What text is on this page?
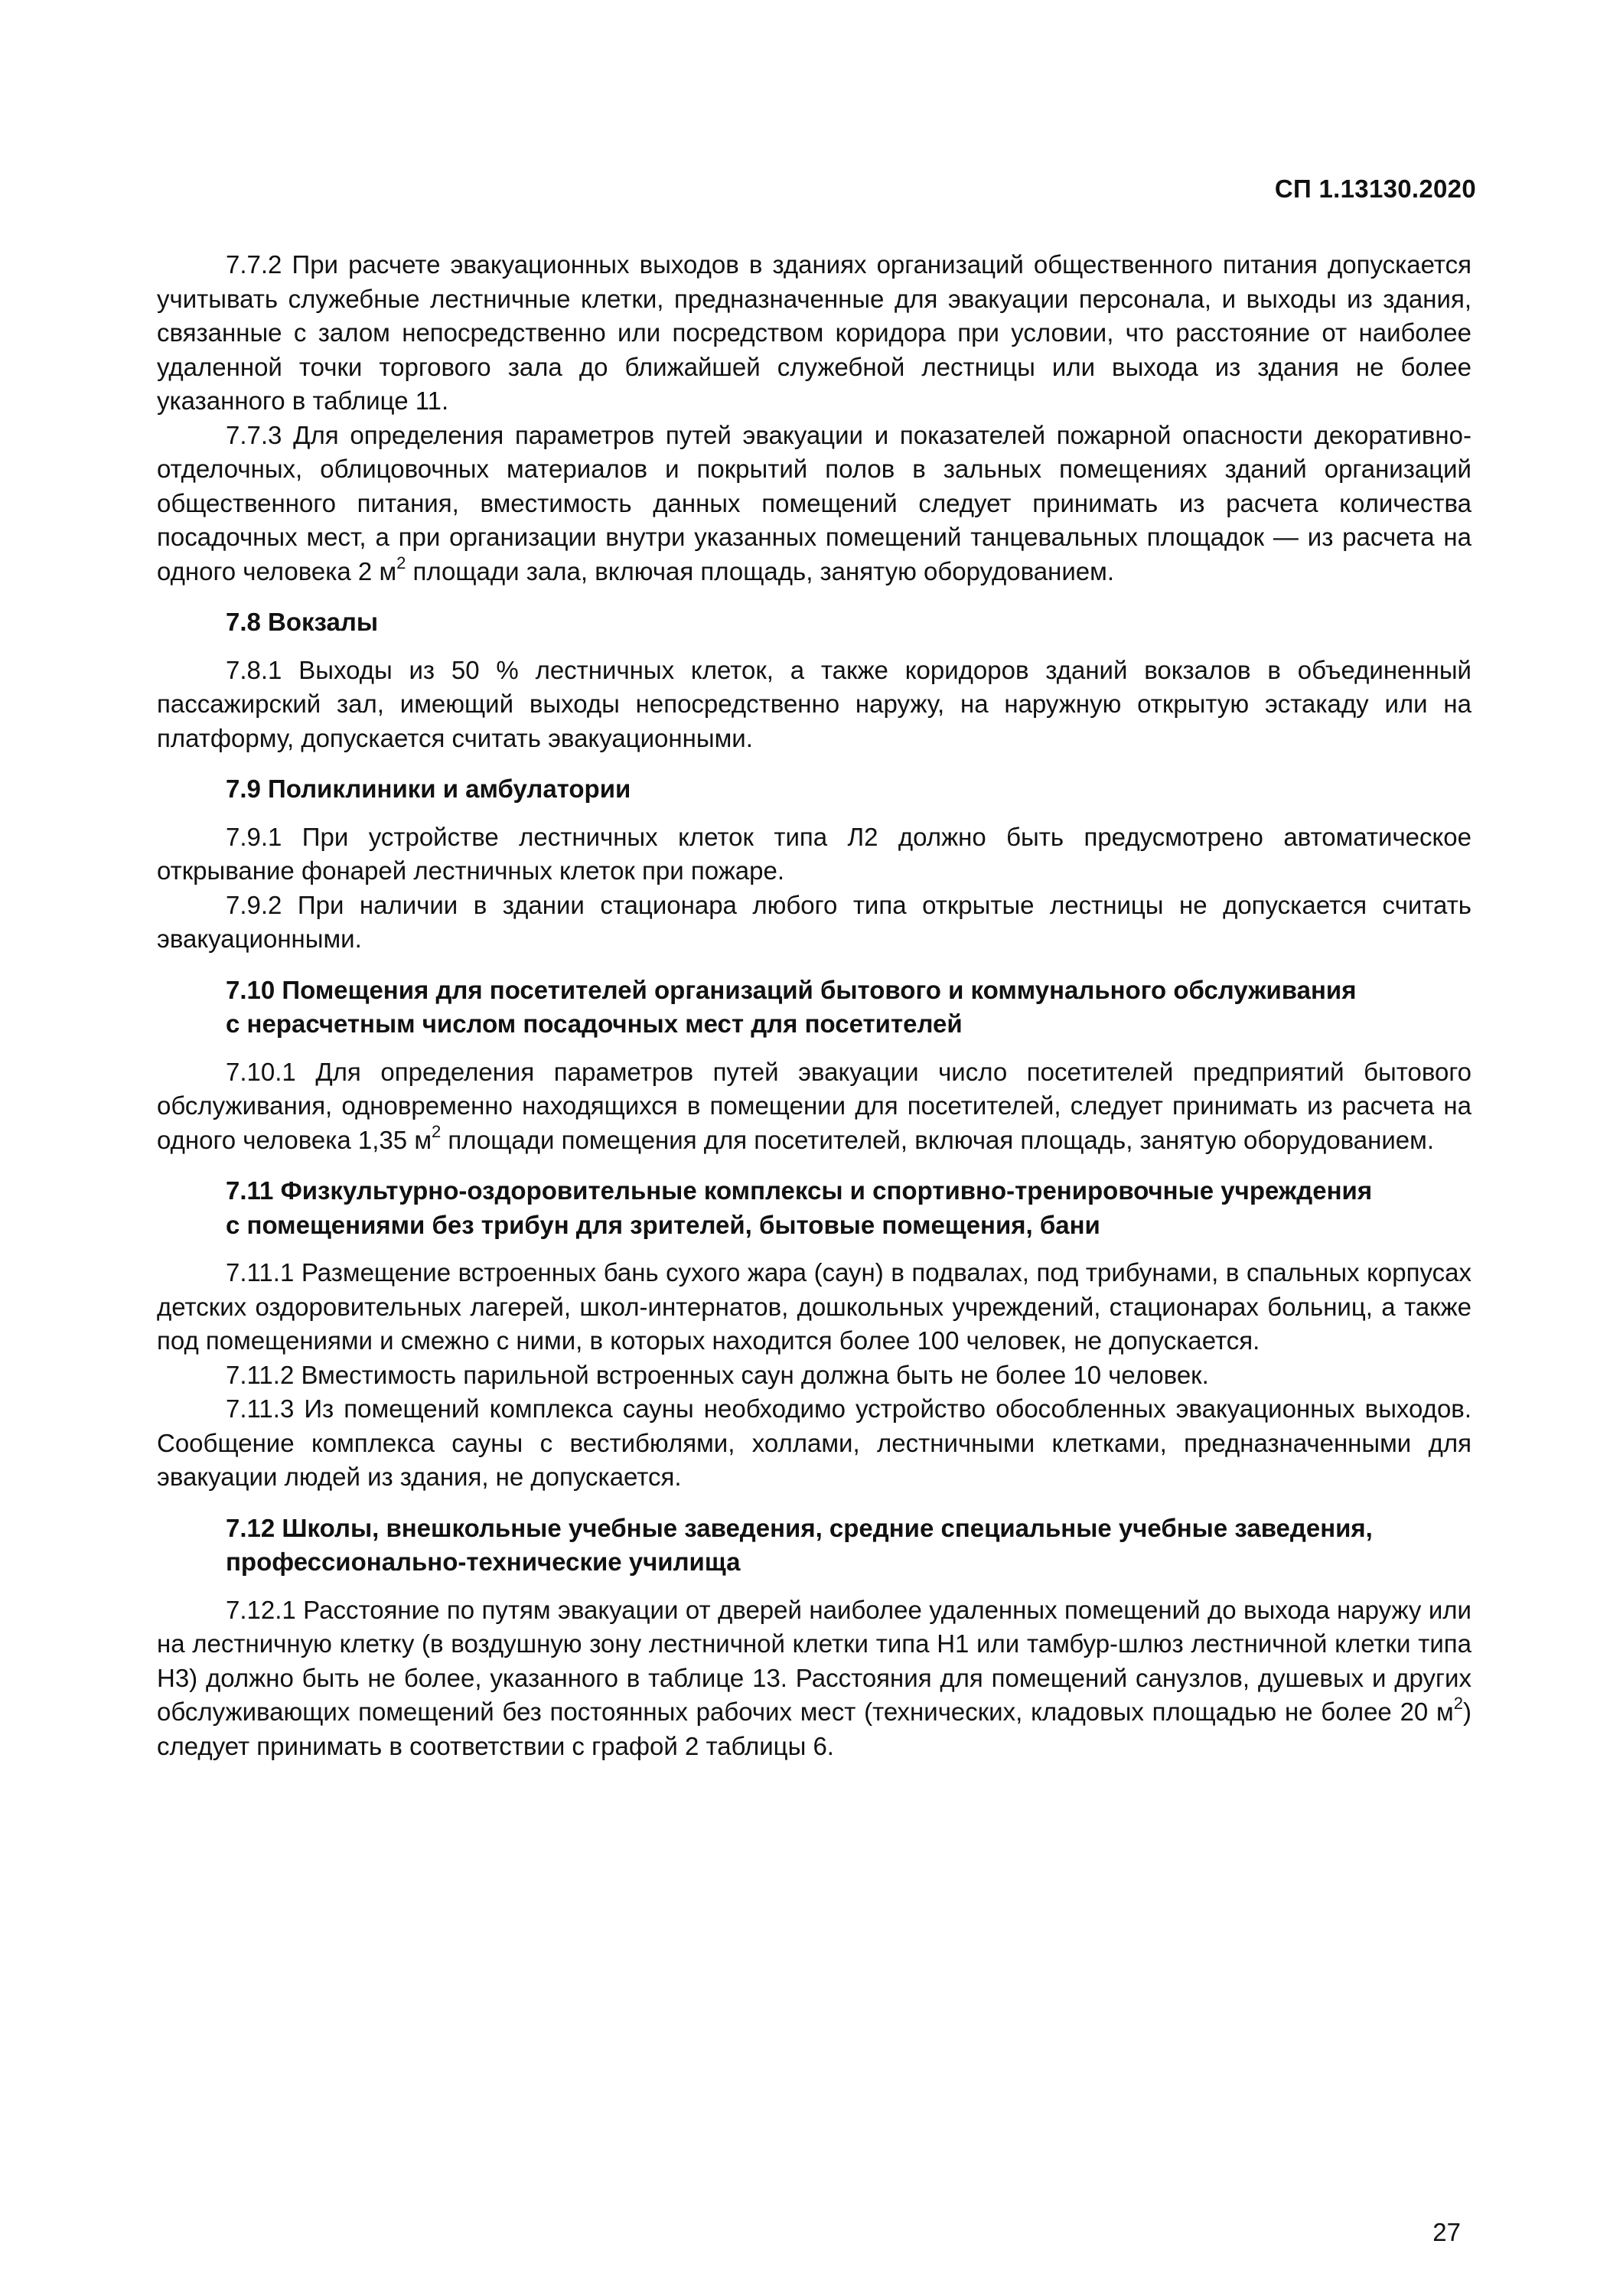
СП 1.13130.2020

7.7.2 При расчете эвакуационных выходов в зданиях организаций общественного питания допускается учитывать служебные лестничные клетки, предназначенные для эвакуации персонала, и выходы из здания, связанные с залом непосредственно или посредством коридора при условии, что расстояние от наиболее удаленной точки торгового зала до ближайшей служебной лестницы или выхода из здания не более указанного в таблице 11.

7.7.3 Для определения параметров путей эвакуации и показателей пожарной опасности декоративно-отделочных, облицовочных материалов и покрытий полов в зальных помещениях зданий организаций общественного питания, вместимость данных помещений следует принимать из расчета количества посадочных мест, а при организации внутри указанных помещений танцевальных площадок — из расчета на одного человека 2 $м^2$ площади зала, включая площадь, занятую оборудованием.

7.8 Вокзалы

7.8.1 Выходы из 50 % лестничных клеток, а также коридоров зданий вокзалов в объединенный пассажирский зал, имеющий выходы непосредственно наружу, на наружную открытую эстакаду или на платформу, допускается считать эвакуационными.

7.9 Поликлиники и амбулатории

7.9.1 При устройстве лестничных клеток типа Л2 должно быть предусмотрено автоматическое открывание фонарей лестничных клеток при пожаре.

7.9.2 При наличии в здании стационара любого типа открытые лестницы не допускается считать эвакуационными.

7.10 Помещения для посетителей организаций бытового и коммунального обслуживания
с нерасчетным числом посадочных мест для посетителей

7.10.1 Для определения параметров путей эвакуации число посетителей предприятий бытового обслуживания, одновременно находящихся в помещении для посетителей, следует принимать из расчета на одного человека 1,35 $м^2$ площади помещения для посетителей, включая площадь, занятую оборудованием.

7.11 Физкультурно-оздоровительные комплексы и спортивно-тренировочные учреждения
с помещениями без трибун для зрителей, бытовые помещения, бани

7.11.1 Размещение встроенных бань сухого жара (саун) в подвалах, под трибунами, в спальных корпусах детских оздоровительных лагерей, школ-интернатов, дошкольных учреждений, стационарах больниц, а также под помещениями и смежно с ними, в которых находится более 100 человек, не допускается.

7.11.2 Вместимость парильной встроенных саун должна быть не более 10 человек.

7.11.3 Из помещений комплекса сауны необходимо устройство обособленных эвакуационных выходов. Сообщение комплекса сауны с вестибюлями, холлами, лестничными клетками, предназначенными для эвакуации людей из здания, не допускается.

7.12 Школы, внешкольные учебные заведения, средние специальные учебные заведения,
профессионально-технические училища

7.12.1 Расстояние по путям эвакуации от дверей наиболее удаленных помещений до выхода наружу или на лестничную клетку (в воздушную зону лестничной клетки типа Н1 или тамбур-шлюз лестничной клетки типа Н3) должно быть не более, указанного в таблице 13. Расстояния для помещений санузлов, душевых и других обслуживающих помещений без постоянных рабочих мест (технических, кладовых площадью не более 20 $м^2$) следует принимать в соответствии с графой 2 таблицы 6.

27
